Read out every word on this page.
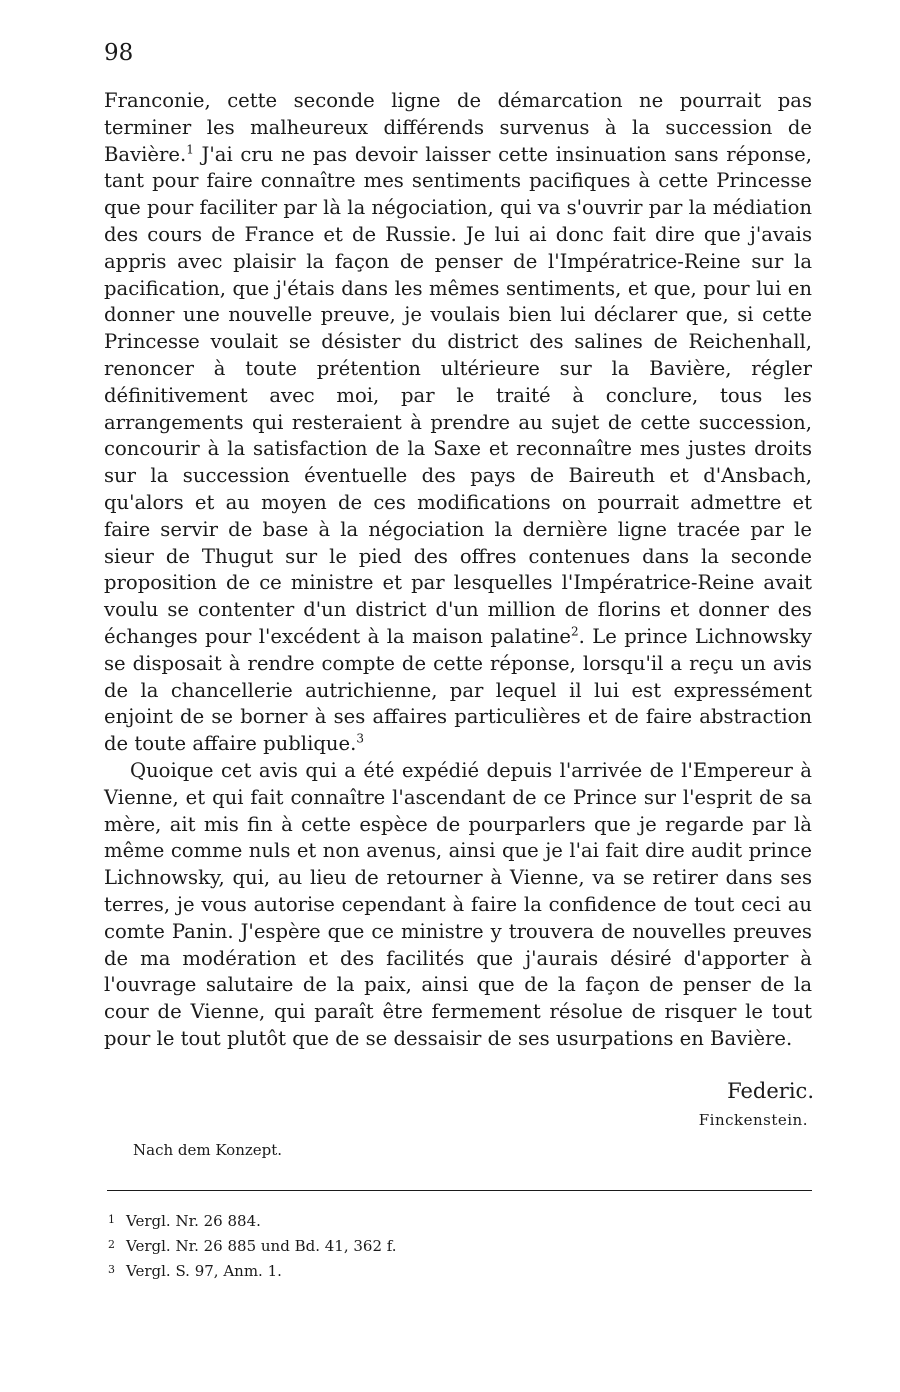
98

Franconie, cette seconde ligne de démarcation ne pourrait pas terminer les malheureux différends survenus à la succession de Bavière.$^1$ J'ai cru ne pas devoir laisser cette insinuation sans réponse, tant pour faire connaître mes sentiments pacifiques à cette Princesse que pour faciliter par là la négociation, qui va s'ouvrir par la médiation des cours de France et de Russie. Je lui ai donc fait dire que j'avais appris avec plaisir la façon de penser de l'Impératrice-Reine sur la pacification, que j'étais dans les mêmes sentiments, et que, pour lui en donner une nouvelle preuve, je voulais bien lui déclarer que, si cette Princesse voulait se désister du district des salines de Reichenhall, renoncer à toute prétention ultérieure sur la Bavière, régler définitivement avec moi, par le traité à conclure, tous les arrangements qui resteraient à prendre au sujet de cette succession, concourir à la satisfaction de la Saxe et reconnaître mes justes droits sur la succession éventuelle des pays de Baireuth et d'Ansbach, qu'alors et au moyen de ces modifications on pourrait admettre et faire servir de base à la négociation la dernière ligne tracée par le sieur de Thugut sur le pied des offres contenues dans la seconde proposition de ce ministre et par lesquelles l'Impératrice-Reine avait voulu se contenter d'un district d'un million de florins et donner des échanges pour l'excédent à la maison palatine$^2$. Le prince Lichnowsky se disposait à rendre compte de cette réponse, lorsqu'il a reçu un avis de la chancellerie autrichienne, par lequel il lui est expressément enjoint de se borner à ses affaires particulières et de faire abstraction de toute affaire publique.$^3$

Quoique cet avis qui a été expédié depuis l'arrivée de l'Empereur à Vienne, et qui fait connaître l'ascendant de ce Prince sur l'esprit de sa mère, ait mis fin à cette espèce de pourparlers que je regarde par là même comme nuls et non avenus, ainsi que je l'ai fait dire audit prince Lichnowsky, qui, au lieu de retourner à Vienne, va se retirer dans ses terres, je vous autorise cependant à faire la confidence de tout ceci au comte Panin. J'espère que ce ministre y trouvera de nouvelles preuves de ma modération et des facilités que j'aurais désiré d'apporter à l'ouvrage salutaire de la paix, ainsi que de la façon de penser de la cour de Vienne, qui paraît être fermement résolue de risquer le tout pour le tout plutôt que de se dessaisir de ses usurpations en Bavière.

Federic.
Finckenstein.
Nach dem Konzept.
1 Vergl. Nr. 26 884.
2 Vergl. Nr. 26 885 und Bd. 41, 362 f.
3 Vergl. S. 97, Anm. 1.
